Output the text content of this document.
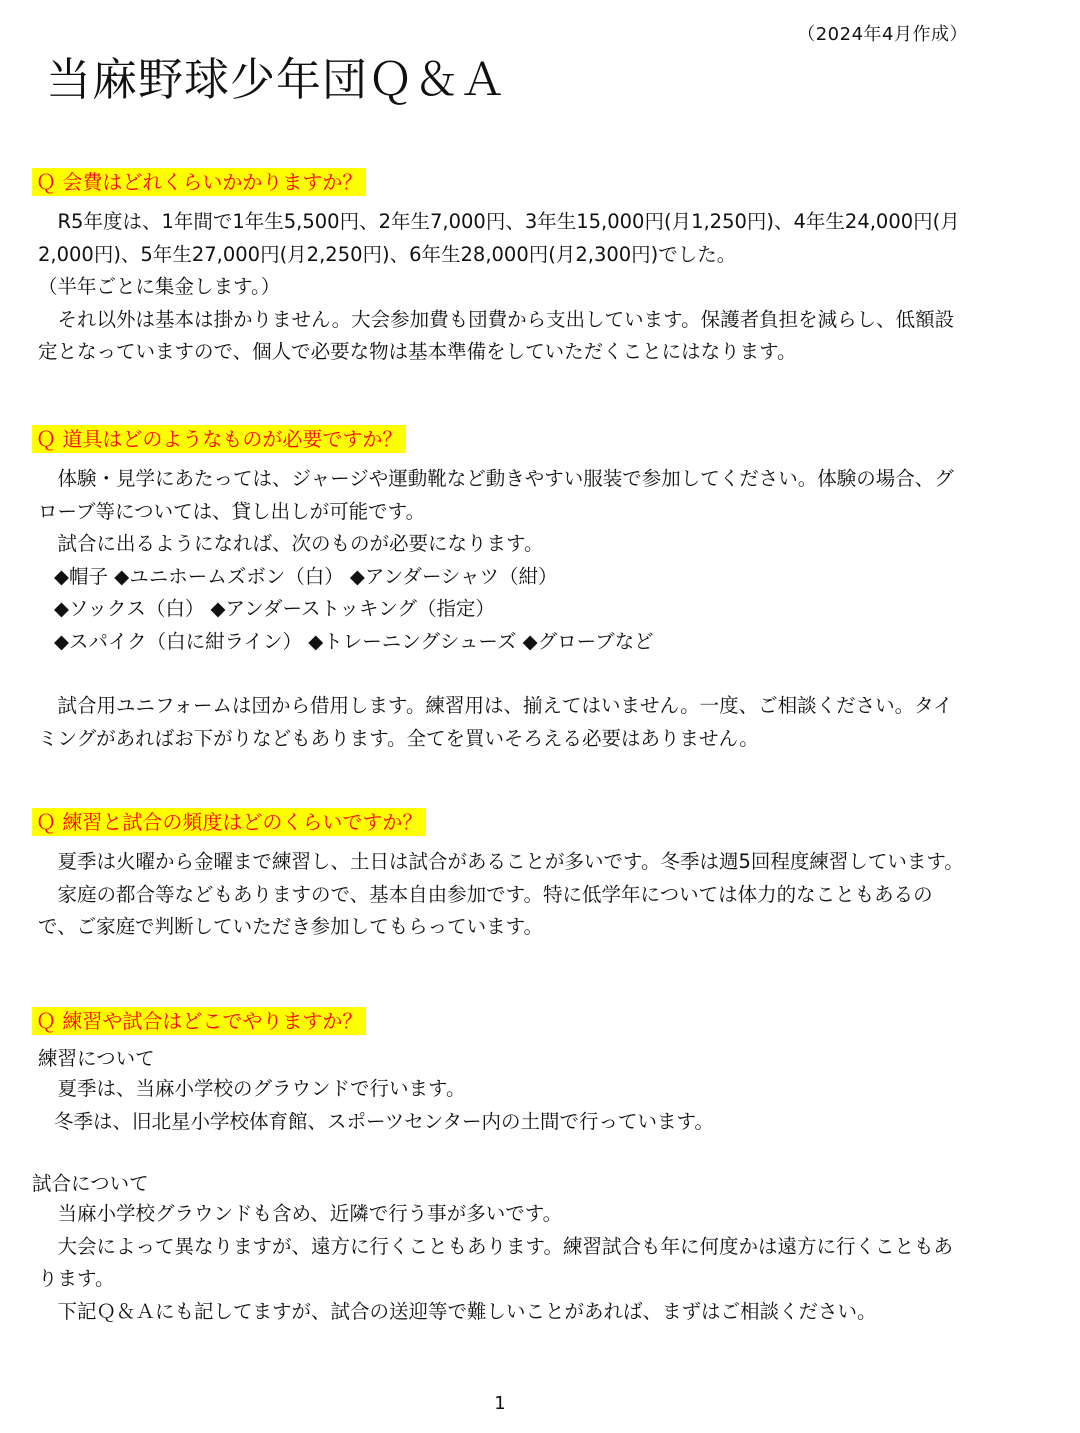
（2024年4月作成）
当麻野球少年団Ｑ＆Ａ
Ｑ 会費はどれくらいかかりますか？

R5年度は、1年間で1年生5,500円、2年生7,000円、3年生15,000円(月1,250円)、4年生24,000円(月2,000円)、5年生27,000円(月2,250円)、6年生28,000円(月2,300円)でした。

（半年ごとに集金します。）

それ以外は基本は掛かりません。大会参加費も団費から支出しています。保護者負担を減らし、低額設定となっていますので、個人で必要な物は基本準備をしていただくことにはなります。

Ｑ 道具はどのようなものが必要ですか？

体験・見学にあたっては、ジャージや運動靴など動きやすい服装で参加してください。体験の場合、グローブ等については、貸し出しが可能です。

試合に出るようになれば、次のものが必要になります。

◆帽子 ◆ユニホームズボン（白） ◆アンダーシャツ（紺）

◆ソックス（白） ◆アンダーストッキング（指定）

◆スパイク（白に紺ライン） ◆トレーニングシューズ ◆グローブなど

試合用ユニフォームは団から借用します。練習用は、揃えてはいません。一度、ご相談ください。タイミングがあればお下がりなどもあります。全てを買いそろえる必要はありません。

Ｑ 練習と試合の頻度はどのくらいですか？

夏季は火曜から金曜まで練習し、土日は試合があることが多いです。冬季は週5回程度練習しています。

家庭の都合等などもありますので、基本自由参加です。特に低学年については体力的なこともあるので、ご家庭で判断していただき参加してもらっています。

Ｑ 練習や試合はどこでやりますか？

練習について

夏季は、当麻小学校のグラウンドで行います。

冬季は、旧北星小学校体育館、スポーツセンター内の土間で行っています。

試合について

当麻小学校グラウンドも含め、近隣で行う事が多いです。

大会によって異なりますが、遠方に行くこともあります。練習試合も年に何度かは遠方に行くこともあります。

下記Ｑ＆Ａにも記してますが、試合の送迎等で難しいことがあれば、まずはご相談ください。

1
